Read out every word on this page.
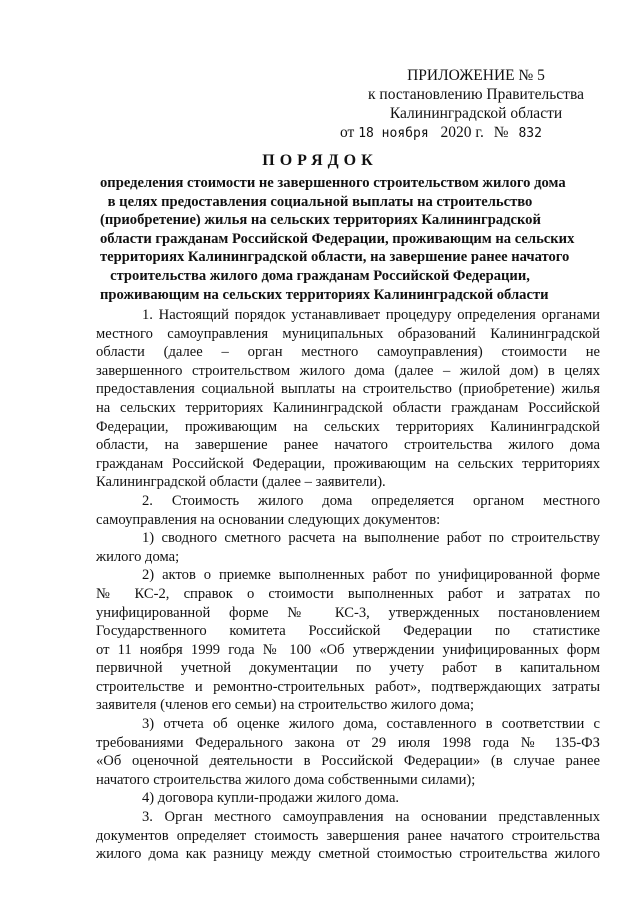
ПРИЛОЖЕНИЕ № 5
к постановлению Правительства
Калининградской области
от 18 ноября 2020 г. № 832
ПОРЯДОК
определения стоимости не завершенного строительством жилого дома
в целях предоставления социальной выплаты на строительство
(приобретение) жилья на сельских территориях Калининградской
области гражданам Российской Федерации, проживающим на сельских
территориях Калининградской области, на завершение ранее начатого
строительства жилого дома гражданам Российской Федерации,
проживающим на сельских территориях Калининградской области

1. Настоящий порядок устанавливает процедуру определения органами
местного самоуправления муниципальных образований Калининградской
области (далее – орган местного самоуправления) стоимости не
завершенного строительством жилого дома (далее – жилой дом) в целях
предоставления социальной выплаты на строительство (приобретение) жилья
на сельских территориях Калининградской области гражданам Российской
Федерации, проживающим на сельских территориях Калининградской
области, на завершение ранее начатого строительства жилого дома
гражданам Российской Федерации, проживающим на сельских территориях
Калининградской области (далее – заявители).

2. Стоимость жилого дома определяется органом местного
самоуправления на основании следующих документов:

1) сводного сметного расчета на выполнение работ по строительству
жилого дома;

2) актов о приемке выполненных работ по унифицированной форме
№ КС-2, справок о стоимости выполненных работ и затратах по
унифицированной форме № КС-3, утвержденных постановлением
Государственного комитета Российской Федерации по статистике
от 11 ноября 1999 года № 100 «Об утверждении унифицированных форм
первичной учетной документации по учету работ в капитальном
строительстве и ремонтно-строительных работ», подтверждающих затраты
заявителя (членов его семьи) на строительство жилого дома;

3) отчета об оценке жилого дома, составленного в соответствии с
требованиями Федерального закона от 29 июля 1998 года № 135-ФЗ
«Об оценочной деятельности в Российской Федерации» (в случае ранее
начатого строительства жилого дома собственными силами);

4) договора купли-продажи жилого дома.

3. Орган местного самоуправления на основании представленных
документов определяет стоимость завершения ранее начатого строительства
жилого дома как разницу между сметной стоимостью строительства жилого
